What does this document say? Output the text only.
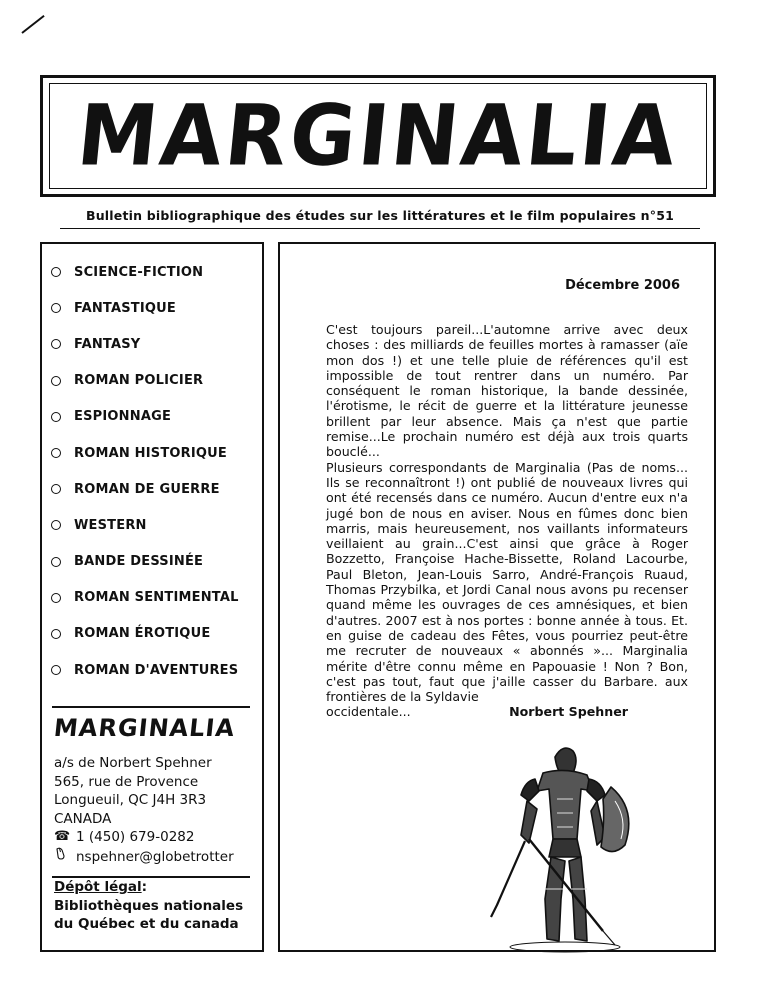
MARGINALIA
Bulletin bibliographique des études sur les littératures et le film populaires n°51
SCIENCE-FICTION
FANTASTIQUE
FANTASY
ROMAN POLICIER
ESPIONNAGE
ROMAN HISTORIQUE
ROMAN DE GUERRE
WESTERN
BANDE DESSINÉE
ROMAN SENTIMENTAL
ROMAN ÉROTIQUE
ROMAN D'AVENTURES
MARGINALIA
a/s de Norbert Spehner
565, rue de Provence
Longueuil, QC J4H 3R3
CANADA
☎ 1 (450) 679-0282
nspehner@globetrotter
Dépôt légal:
Bibliothèques nationales du Québec et du canada
Décembre 2006

C'est toujours pareil...L'automne arrive avec deux choses : des milliards de feuilles mortes à ramasser (aïe mon dos !) et une telle pluie de références qu'il est impossible de tout rentrer dans un numéro. Par conséquent le roman historique, la bande dessinée, l'érotisme, le récit de guerre et la littérature jeunesse brillent par leur absence. Mais ça n'est que partie remise...Le prochain numéro est déjà aux trois quarts bouclé...

Plusieurs correspondants de Marginalia (Pas de noms... Ils se reconnaîtront !) ont publié de nouveaux livres qui ont été recensés dans ce numéro. Aucun d'entre eux n'a jugé bon de nous en aviser. Nous en fûmes donc bien marris, mais heureusement, nos vaillants informateurs veillaient au grain...C'est ainsi que grâce à Roger Bozzetto, Françoise Hache-Bissette, Roland Lacourbe, Paul Bleton, Jean-Louis Sarro, André-François Ruaud, Thomas Przybilka, et Jordi Canal nous avons pu recenser quand même les ouvrages de ces amnésiques, et bien d'autres. 2007 est à nos portes : bonne année à tous. Et. en guise de cadeau des Fêtes, vous pourriez peut-être me recruter de nouveaux « abonnés »... Marginalia mérite d'être connu même en Papouasie ! Non ? Bon, c'est pas tout, faut que j'aille casser du Barbare. aux frontières de la Syldavie

occidentale...	Norbert Spehner
